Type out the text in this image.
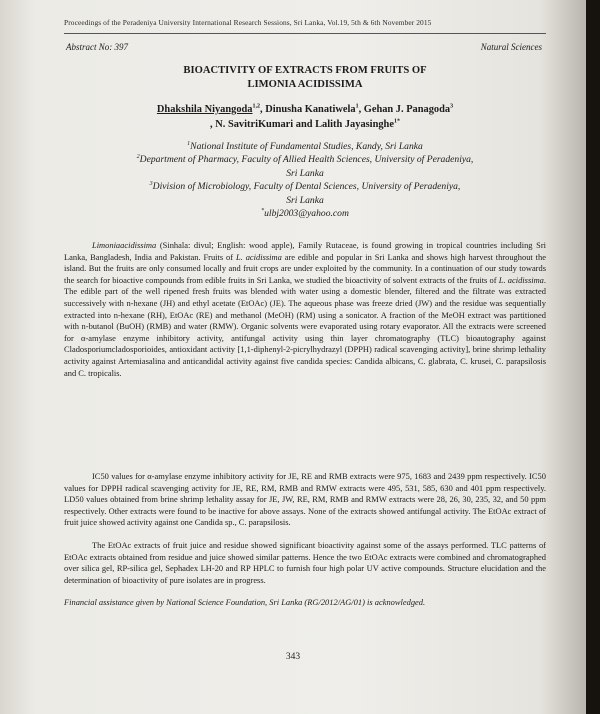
Proceedings of the Peradeniya University International Research Sessions, Sri Lanka, Vol.19, 5th & 6th November 2015
Abstract No: 397	Natural Sciences
BIOACTIVITY OF EXTRACTS FROM FRUITS OF
LIMONIA ACIDISSIMA
Dhakshila Niyangoda$^{1,2}$, Dinusha Kanatiwela$^1$, Gehan J. Panagoda$^3$
, N. SavitriKumari and Lalith Jayasinghe$^{1*}$
$^1$National Institute of Fundamental Studies, Kandy, Sri Lanka
$^2$Department of Pharmacy, Faculty of Allied Health Sciences, University of Peradeniya,
Sri Lanka
$^3$Division of Microbiology, Faculty of Dental Sciences, University of Peradeniya,
Sri Lanka
*ulbj2003@yahoo.com
Limoniaacidissima (Sinhala: divul; English: wood apple), Family Rutaceae, is found growing in tropical countries including Sri Lanka, Bangladesh, India and Pakistan. Fruits of L. acidissima are edible and popular in Sri Lanka and shows high harvest throughout the island. But the fruits are only consumed locally and fruit crops are under exploited by the community. In a continuation of our study towards the search for bioactive compounds from edible fruits in Sri Lanka, we studied the bioactivity of solvent extracts of the fruits of L. acidissima. The edible part of the well ripened fresh fruits was blended with water using a domestic blender, filtered and the filtrate was extracted successively with n-hexane (JH) and ethyl acetate (EtOAc) (JE). The aqueous phase was freeze dried (JW) and the residue was sequentially extracted into n-hexane (RH), EtOAc (RE) and methanol (MeOH) (RM) using a sonicator. A fraction of the MeOH extract was partitioned with n-butanol (BuOH) (RMB) and water (RMW). Organic solvents were evaporated using rotary evaporator. All the extracts were screened for α-amylase enzyme inhibitory activity, antifungal activity using thin layer chromatography (TLC) bioautography against Cladosporiumcladosporioides, antioxidant activity [1,1-diphenyl-2-picrylhydrazyl (DPPH) radical scavenging activity], brine shrimp lethality activity against Artemiasalina and anticandidal activity against five candida species: Candida albicans, C. glabrata, C. krusei, C. parapsilosis and C. tropicalis.
IC50 values for α-amylase enzyme inhibitory activity for JE, RE and RMB extracts were 975, 1683 and 2439 ppm respectively. IC50 values for DPPH radical scavenging activity for JE, RE, RM, RMB and RMW extracts were 495, 531, 585, 630 and 401 ppm respectively. LD50 values obtained from brine shrimp lethality assay for JE, JW, RE, RM, RMB and RMW extracts were 28, 26, 30, 235, 32, and 50 ppm respectively. Other extracts were found to be inactive for above assays. None of the extracts showed antifungal activity. The EtOAc extract of fruit juice showed activity against one Candida sp., C. parapsilosis.
The EtOAc extracts of fruit juice and residue showed significant bioactivity against some of the assays performed. TLC patterns of EtOAc extracts obtained from residue and juice showed similar patterns. Hence the two EtOAc extracts were combined and chromatographed over silica gel, RP-silica gel, Sephadex LH-20 and RP HPLC to furnish four high polar UV active compounds. Structure elucidation and the determination of bioactivity of pure isolates are in progress.
Financial assistance given by National Science Foundation, Sri Lanka (RG/2012/AG/01) is acknowledged.
343
